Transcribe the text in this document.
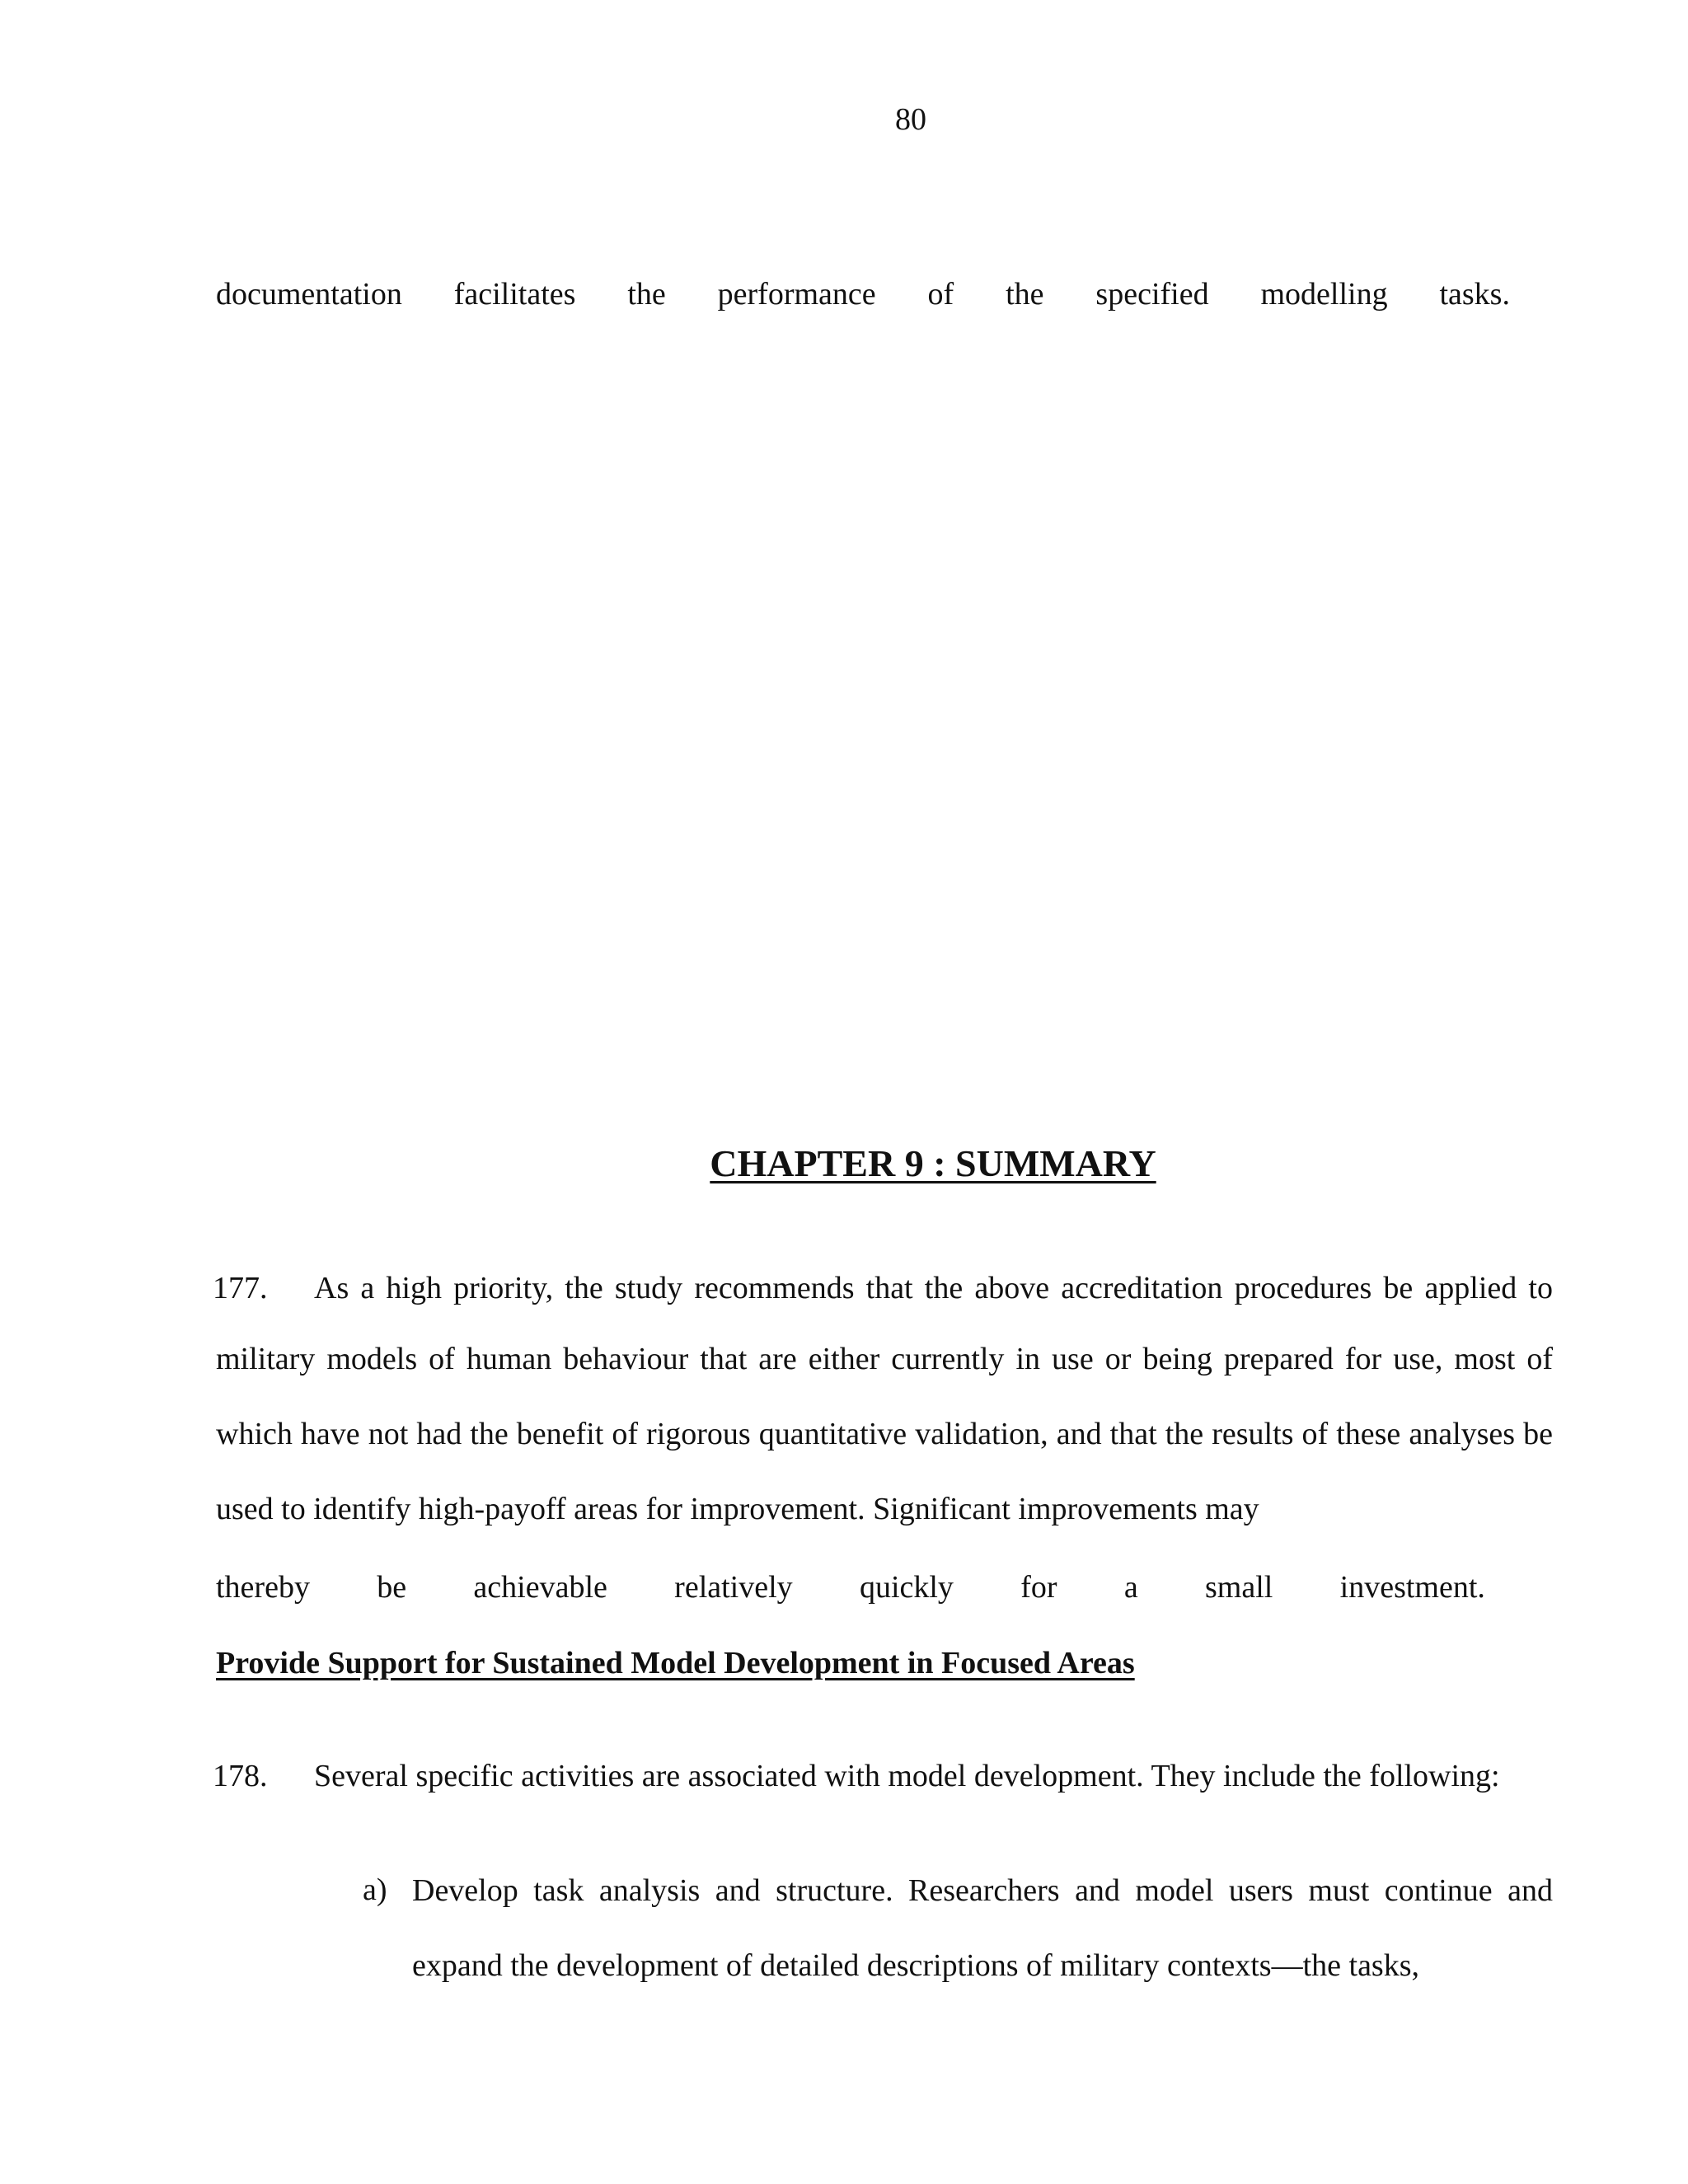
80
documentation facilitates the performance of the specified modelling tasks.
CHAPTER 9 : SUMMARY
177. As a high priority, the study recommends that the above accreditation procedures be applied to
military models of human behaviour that are either currently in use or being prepared for use, most of which have not had the benefit of rigorous quantitative validation, and that the results of these analyses be used to identify high-payoff areas for improvement. Significant improvements may
thereby be achievable relatively quickly for a small investment.
Provide Support for Sustained Model Development in Focused Areas
178. Several specific activities are associated with model development. They include the following:
a) Develop task analysis and structure. Researchers and model users must continue and expand the development of detailed descriptions of military contexts—the tasks,
